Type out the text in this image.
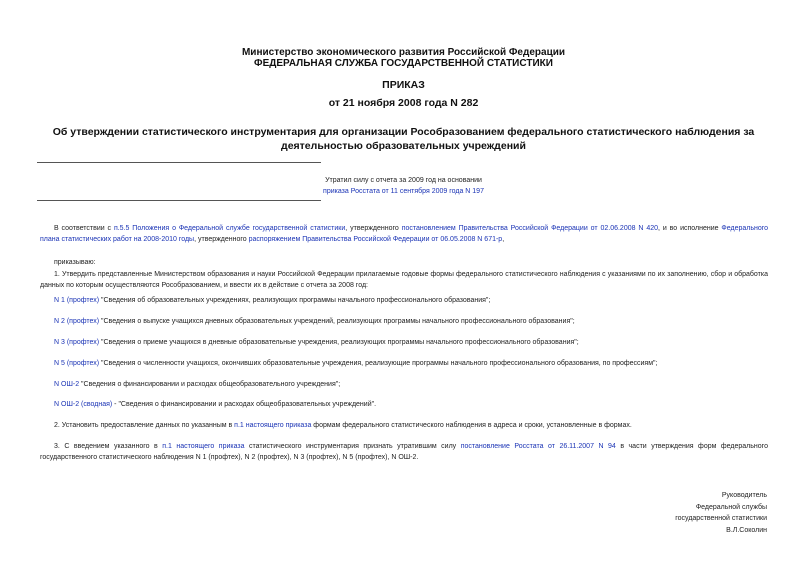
Министерство экономического развития Российской Федерации
ФЕДЕРАЛЬНАЯ СЛУЖБА ГОСУДАРСТВЕННОЙ СТАТИСТИКИ
ПРИКАЗ
от 21 ноября 2008 года N 282
Об утверждении статистического инструментария для организации Рособразованием федерального статистического наблюдения за деятельностью образовательных учреждений
Утратил силу с отчета за 2009 год на основании
приказа Росстата от 11 сентября 2009 года N 197
В соответствии с п.5.5 Положения о Федеральной службе государственной статистики, утвержденного постановлением Правительства Российской Федерации от 02.06.2008 N 420, и во исполнение Федерального плана статистических работ на 2008-2010 годы, утвержденного распоряжением Правительства Российской Федерации от 06.05.2008 N 671-р,
приказываю:
1. Утвердить представленные Министерством образования и науки Российской Федерации прилагаемые годовые формы федерального статистического наблюдения с указаниями по их заполнению, сбор и обработка данных по которым осуществляются Рособразованием, и ввести их в действие с отчета за 2008 год:
N 1 (профтех) "Сведения об образовательных учреждениях, реализующих программы начального профессионального образования";
N 2 (профтех) "Сведения о выпуске учащихся дневных образовательных учреждений, реализующих программы начального профессионального образования";
N 3 (профтех) "Сведения о приеме учащихся в дневные образовательные учреждения, реализующих программы начального профессионального образования";
N 5 (профтех) "Сведения о численности учащихся, окончивших образовательные учреждения, реализующие программы начального профессионального образования, по профессиям";
N ОШ-2 "Сведения о финансировании и расходах общеобразовательного учреждения";
N ОШ-2 (сводная) - "Сведения о финансировании и расходах общеобразовательных учреждений".
2. Установить предоставление данных по указанным в п.1 настоящего приказа формам федерального статистического наблюдения в адреса и сроки, установленные в формах.
3. С введением указанного в п.1 настоящего приказа статистического инструментария признать утратившим силу постановление Росстата от 26.11.2007 N 94 в части утверждения форм федерального государственного статистического наблюдения N 1 (профтех), N 2 (профтех), N 3 (профтех), N 5 (профтех), N ОШ-2.
Руководитель
Федеральной службы
государственной статистики
В.Л.Соколин
